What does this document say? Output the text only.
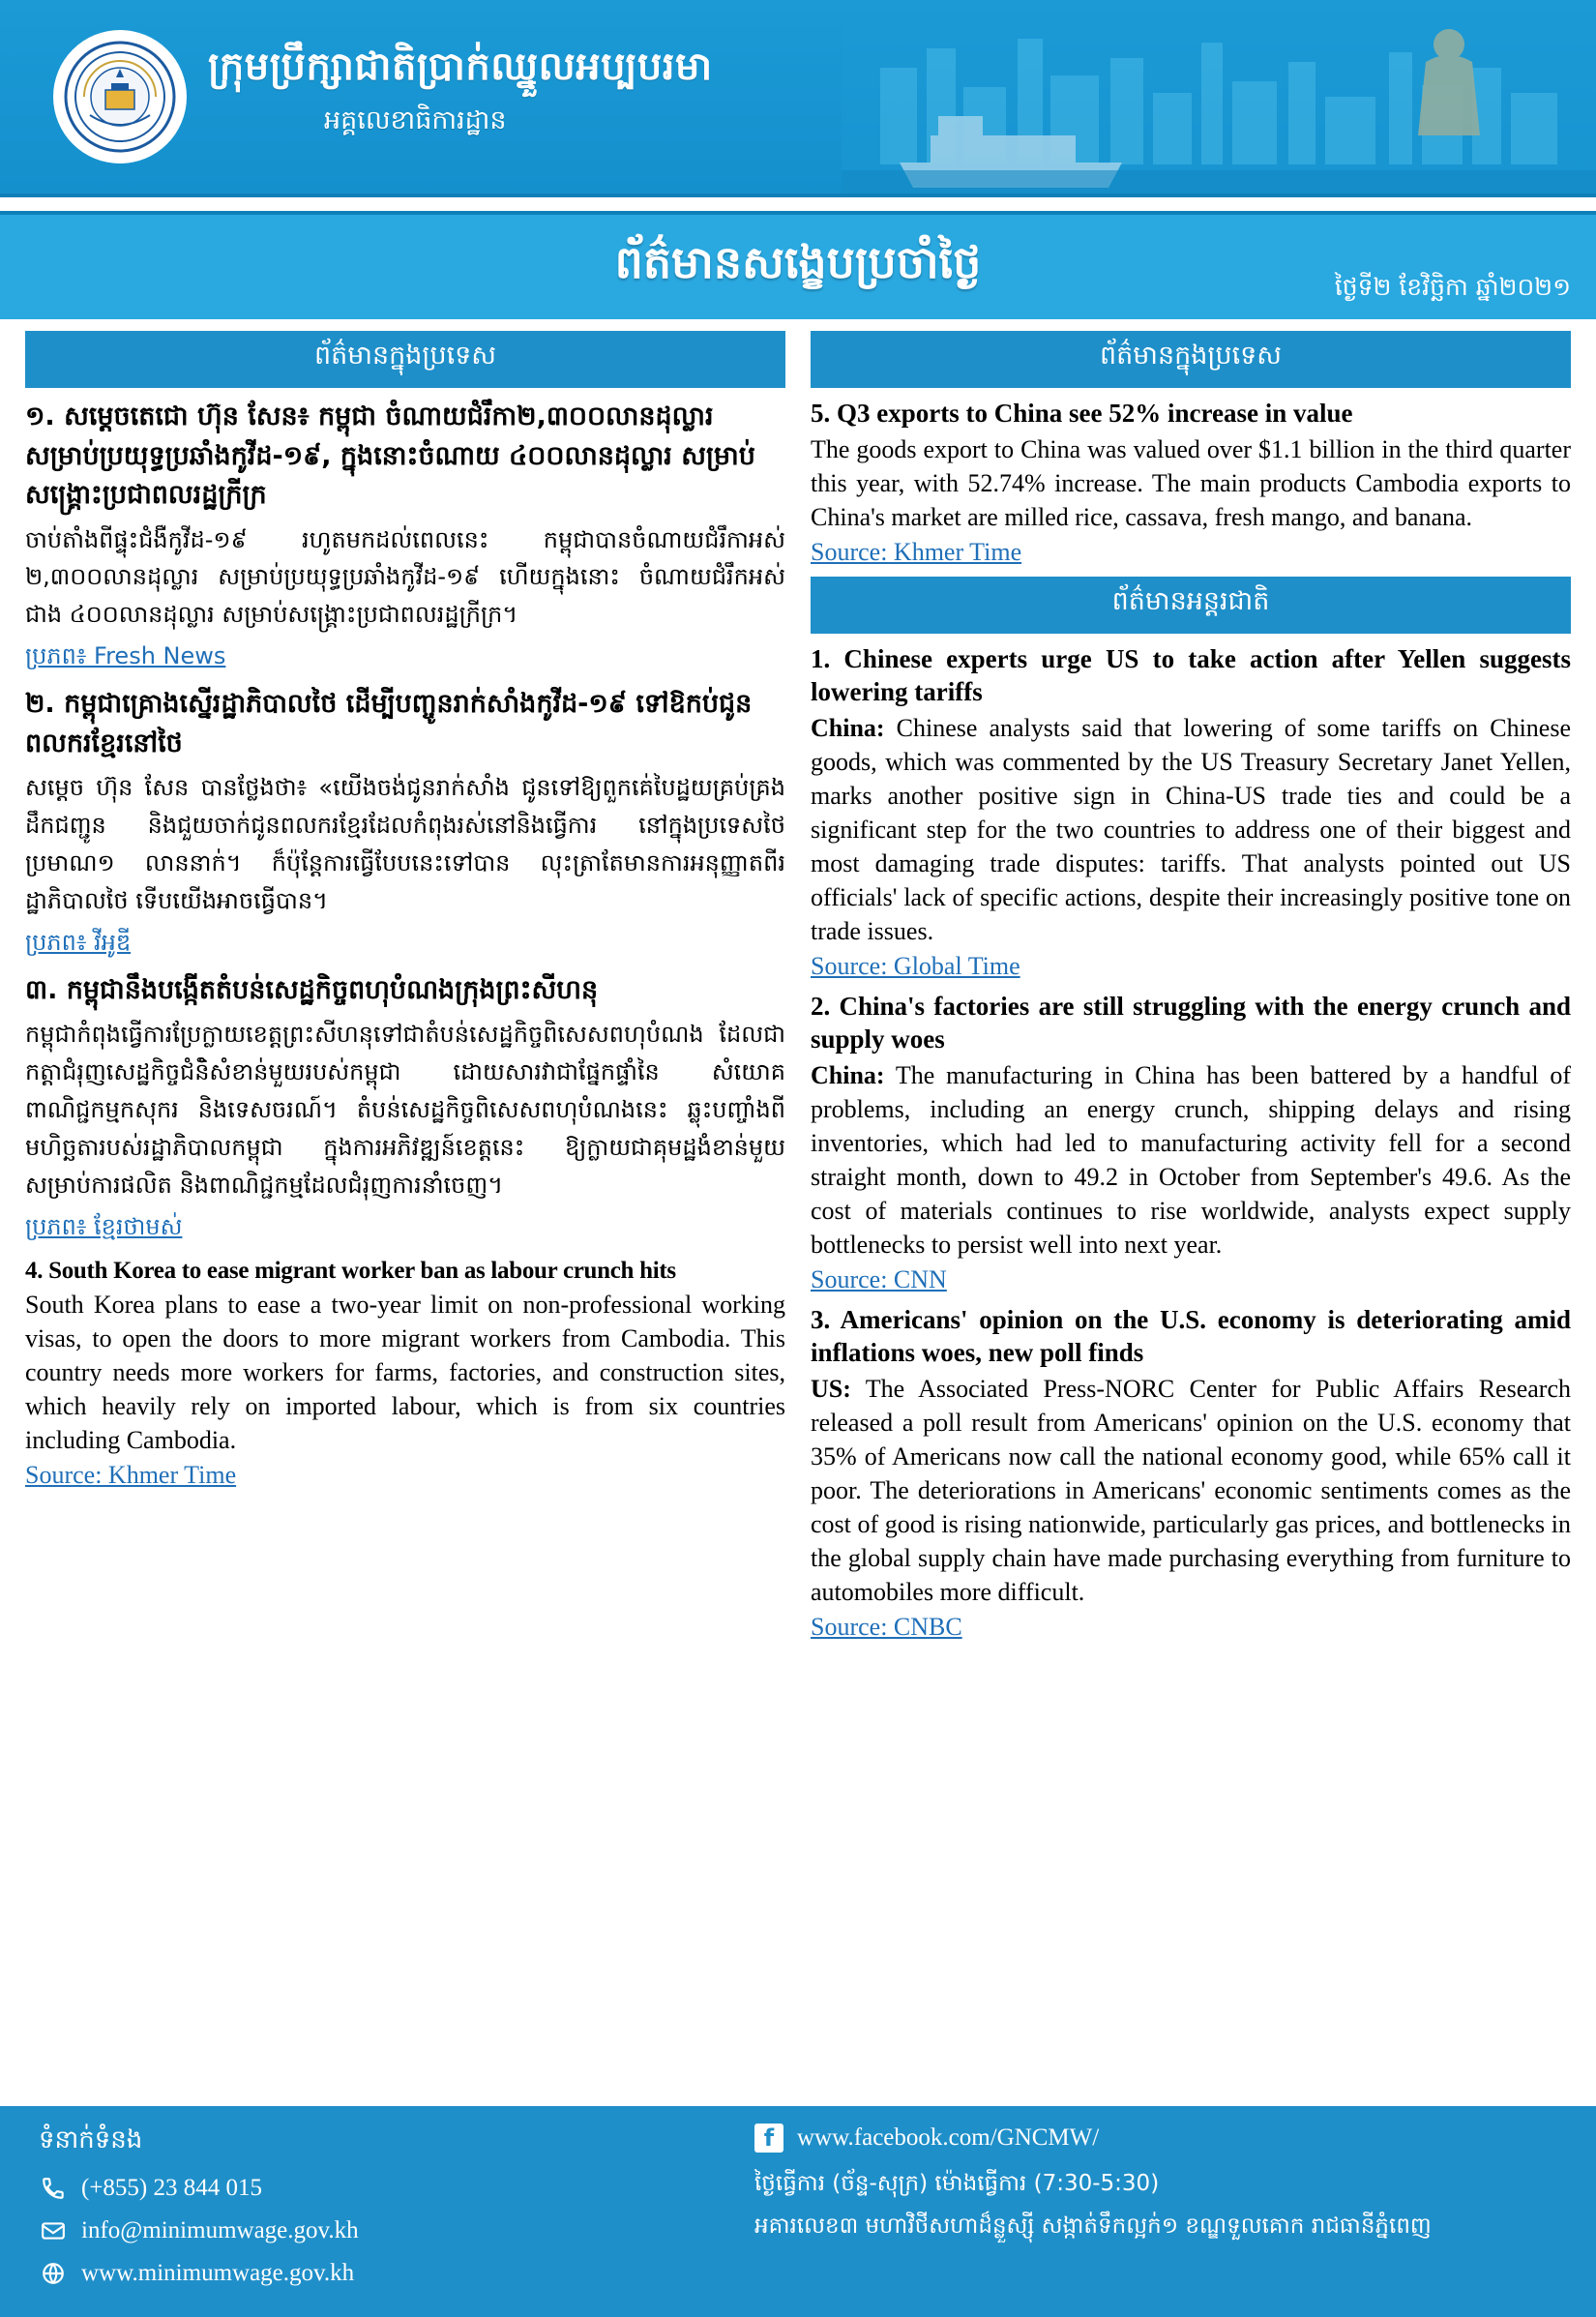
ក្រុមប្រឹក្សាជាតិប្រាក់ឈ្នួលអប្បបរមា
អគ្គលេខាធិការដ្ឋាន
ព័ត៌មានសង្ខេបប្រចាំថ្ងៃ	ថ្ងៃទី២ ខែវិច្ឆិកា ឆ្នាំ២០២១
ព័ត៌មានក្នុងប្រទេស
១. សម្តេចតេជោ ហ៊ុន សែន៖ កម្ពុជា ចំណាយជំរឹកា២,៣០០លានដុល្លារ សម្រាប់ប្រយុទ្ធប្រឆាំងកូវីដ-១៩, ក្នុងនោះចំណាយ ៤០០លានដុល្លារ សម្រាប់សង្គ្រោះប្រជាពលរដ្ឋក្រីក្រ

ចាប់តាំងពីផ្ទុះជំងឺកូវីដ-១៩ រហូតមកដល់ពេលនេះ កម្ពុជាបានចំណាយជំរឹកាអស់ ២,៣០០លានដុល្លារ សម្រាប់ប្រយុទ្ធប្រឆាំងកូវីដ-១៩ ហើយក្នុងនោះ ចំណាយជំរឹកអស់ជាង ៤០០លានដុល្លារ សម្រាប់សង្គ្រោះប្រជាពលរដ្ឋក្រីក្រ។

ប្រភព៖ Fresh News
២. កម្ពុជាគ្រោងស្នើរដ្ឋាភិបាលថៃ ដើម្បីបញ្ចូនរាក់សាំងកូវីដ-១៩ ទៅឱកប់ជូនពលករខ្មែរនៅថៃ

សម្តេច ហ៊ុន សែន បានថ្លែងថា៖ «យើងចង់ជូនរាក់សាំង ជូនទៅឱ្យពួកគេ់បៃដ្ឋយគ្រប់គ្រង ដឹកជញ្ជូន និងជួយចាក់ជូនពលករខ្មែរដែលកំពុងរស់នៅនិងធ្វើការ នៅក្នុងប្រទេសថៃ ប្រមាណ១ លាននាក់។ ក៏ប៉ុន្តែការធ្វើបែបនេះទៅបាន លុះត្រាតែមានការអនុញ្ញាតពីរដ្ឋាភិបាលថៃ ទើបយើងអាចធ្វើបាន។

ប្រភព៖ វីអូឌី
៣. កម្ពុជានឹងបង្កើតតំបន់សេដ្ឋកិច្ចពហុបំណងក្រុងព្រះសីហនុ

កម្ពុជាកំពុងធ្វើការប្រែក្លាយខេត្តព្រះសីហនុទៅជាតំបន់សេដ្ឋកិច្ចពិសេសពហុបំណង ដែលជាកត្តាជំរុញសេដ្ឋកិច្ចជំនិំសំខាន់មួយរបស់កម្ពុជា ដោយសារវាជាផ្នែកផ្ទាំនៃ សំយោគពាណិជ្ជកម្មកសុករ និងទេសចរណ៍។ តំបន់សេដ្ឋកិច្ចពិសេសពហុបំណងនេះ ឆ្លុះបញ្ចាំងពីមហិច្ឆតារបស់រដ្ឋាភិបាលកម្ពុជា ក្នុងការអភិវឌ្ឍន៍ខេត្តនេះ ឱ្យក្លាយជាគុមដ្ឋងំខាន់មួយ សម្រាប់ការផលិត និងពាណិជ្ជកម្មដែលជំរុញការនាំចេញ។

ប្រភព៖ ខ្មែរថាមស់
4. South Korea to ease migrant worker ban as labour crunch hits

South Korea plans to ease a two-year limit on non-professional working visas, to open the doors to more migrant workers from Cambodia. This country needs more workers for farms, factories, and construction sites, which heavily rely on imported labour, which is from six countries including Cambodia.

Source: Khmer Time
ព័ត៌មានក្នុងប្រទេស
5. Q3 exports to China see 52% increase in value

The goods export to China was valued over $1.1 billion in the third quarter this year, with 52.74% increase. The main products Cambodia exports to China's market are milled rice, cassava, fresh mango, and banana.

Source: Khmer Time
ព័ត៌មានអន្តរជាតិ
1. Chinese experts urge US to take action after Yellen suggests lowering tariffs

China: Chinese analysts said that lowering of some tariffs on Chinese goods, which was commented by the US Treasury Secretary Janet Yellen, marks another positive sign in China-US trade ties and could be a significant step for the two countries to address one of their biggest and most damaging trade disputes: tariffs. That analysts pointed out US officials' lack of specific actions, despite their increasingly positive tone on trade issues.

Source: Global Time
2. China's factories are still struggling with the energy crunch and supply woes

China: The manufacturing in China has been battered by a handful of problems, including an energy crunch, shipping delays and rising inventories, which had led to manufacturing activity fell for a second straight month, down to 49.2 in October from September's 49.6. As the cost of materials continues to rise worldwide, analysts expect supply bottlenecks to persist well into next year.

Source: CNN
3. Americans' opinion on the U.S. economy is deteriorating amid inflations woes, new poll finds

US: The Associated Press-NORC Center for Public Affairs Research released a poll result from Americans' opinion on the U.S. economy that 35% of Americans now call the national economy good, while 65% call it poor. The deteriorations in Americans' economic sentiments comes as the cost of good is rising nationwide, particularly gas prices, and bottlenecks in the global supply chain have made purchasing everything from furniture to automobiles more difficult.

Source: CNBC
ទំនាក់ទំនង
(+855) 23 844 015
info@minimumwage.gov.kh
www.minimumwage.gov.kh
f www.facebook.com/GNCMW/
ថ្ងៃធ្វើការ (ច័ន្ទ-សុក្រ) ម៉ោងធ្វើការ (7:30-5:30)
អគារលេខ៣ មហាវិថីសហាដ៏ន្លួស្ស៊ី សង្កាត់ទឹកល្អក់១ ខណ្ឌទួលគោក រាជធានីភ្នំពេញ
